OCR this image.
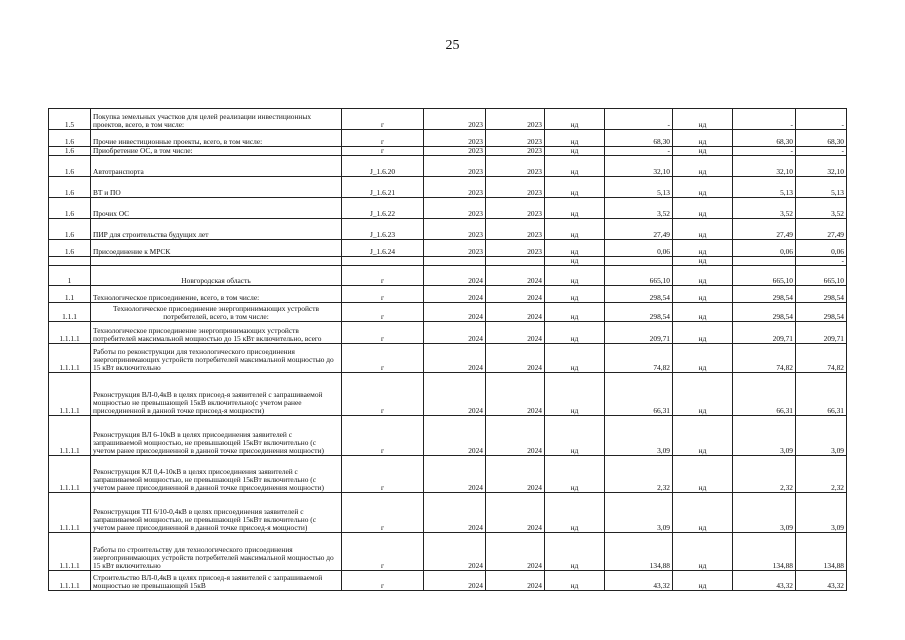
25
1.5	Покупка земельных участков для целей реализации инвестиционных проектов, всего, в том числе:	г	2023	2023	нд	-	нд	-	-
1.6	Прочие инвестиционные проекты, всего, в том числе:	г	2023	2023	нд	68,30	нд	68,30	68,30
1.6	Приобретение ОС, в том числе:	г	2023	2023	нд	-	нд	-	-
1.6	Автотранспорта	J_1.6.20	2023	2023	нд	32,10	нд	32,10	32,10
1.6	ВТ и ПО	J_1.6.21	2023	2023	нд	5,13	нд	5,13	5,13
1.6	Прочих ОС	J_1.6.22	2023	2023	нд	3,52	нд	3,52	3,52
1.6	ПИР для строительства будущих лет	J_1.6.23	2023	2023	нд	27,49	нд	27,49	27,49
1.6	Присоединение к МРСК	J_1.6.24	2023	2023	нд	0,06	нд	0,06	0,06
					нд		нд		-
1	Новгородская область	г	2024	2024	нд	665,10	нд	665,10	665,10
1.1	Технологическое присоединение, всего, в том числе:	г	2024	2024	нд	298,54	нд	298,54	298,54
1.1.1	Технологическое присоединение энергопринимающих устройств потребителей, всего, в том числе:	г	2024	2024	нд	298,54	нд	298,54	298,54
1.1.1.1	Технологическое присоединение энергопринимающих устройств потребителей максимальной мощностью до 15 кВт включительно, всего	г	2024	2024	нд	209,71	нд	209,71	209,71
1.1.1.1	Работы по реконструкции для технологического присоединения энергопринимающих устройств потребителей максимальной мощностью до 15 кВт включительно	г	2024	2024	нд	74,82	нд	74,82	74,82
1.1.1.1	Реконструкция ВЛ-0,4кВ в целях присоед-я заявителей с запрашиваемой мощностью не превышающей 15кВ включительно(с учетом ранее присоединенной в данной точке присоед-я мощности)	г	2024	2024	нд	66,31	нд	66,31	66,31
1.1.1.1	Реконструкция ВЛ 6-10кВ в целях присоединения заявителей с запрашиваемой мощностью, не превышающей 15кВт включительно (с учетом ранее присоединенной в данной точке присоединения мощности)	г	2024	2024	нд	3,09	нд	3,09	3,09
1.1.1.1	Реконструкция КЛ 0,4-10кВ в целях присоединения заявителей с запрашиваемой мощностью, не превышающей 15кВт включительно (с учетом ранее присоединенной в данной точке присоединения мощности)	г	2024	2024	нд	2,32	нд	2,32	2,32
1.1.1.1	Реконструкция ТП 6/10-0,4кВ в целях присоединения заявителей с запрашиваемой мощностью, не превышающей 15кВт включительно (с учетом ранее присоединенной в данной точке присоед-я мощности)	г	2024	2024	нд	3,09	нд	3,09	3,09
1.1.1.1	Работы по строительству для технологического присоединения энергопринимающих устройств потребителей максимальной мощностью до 15 кВт включительно	г	2024	2024	нд	134,88	нд	134,88	134,88
1.1.1.1	Строительство ВЛ-0,4кВ в целях присоед-я заявителей с запрашиваемой мощностью не превышающей 15кВ	г	2024	2024	нд	43,32	нд	43,32	43,32
